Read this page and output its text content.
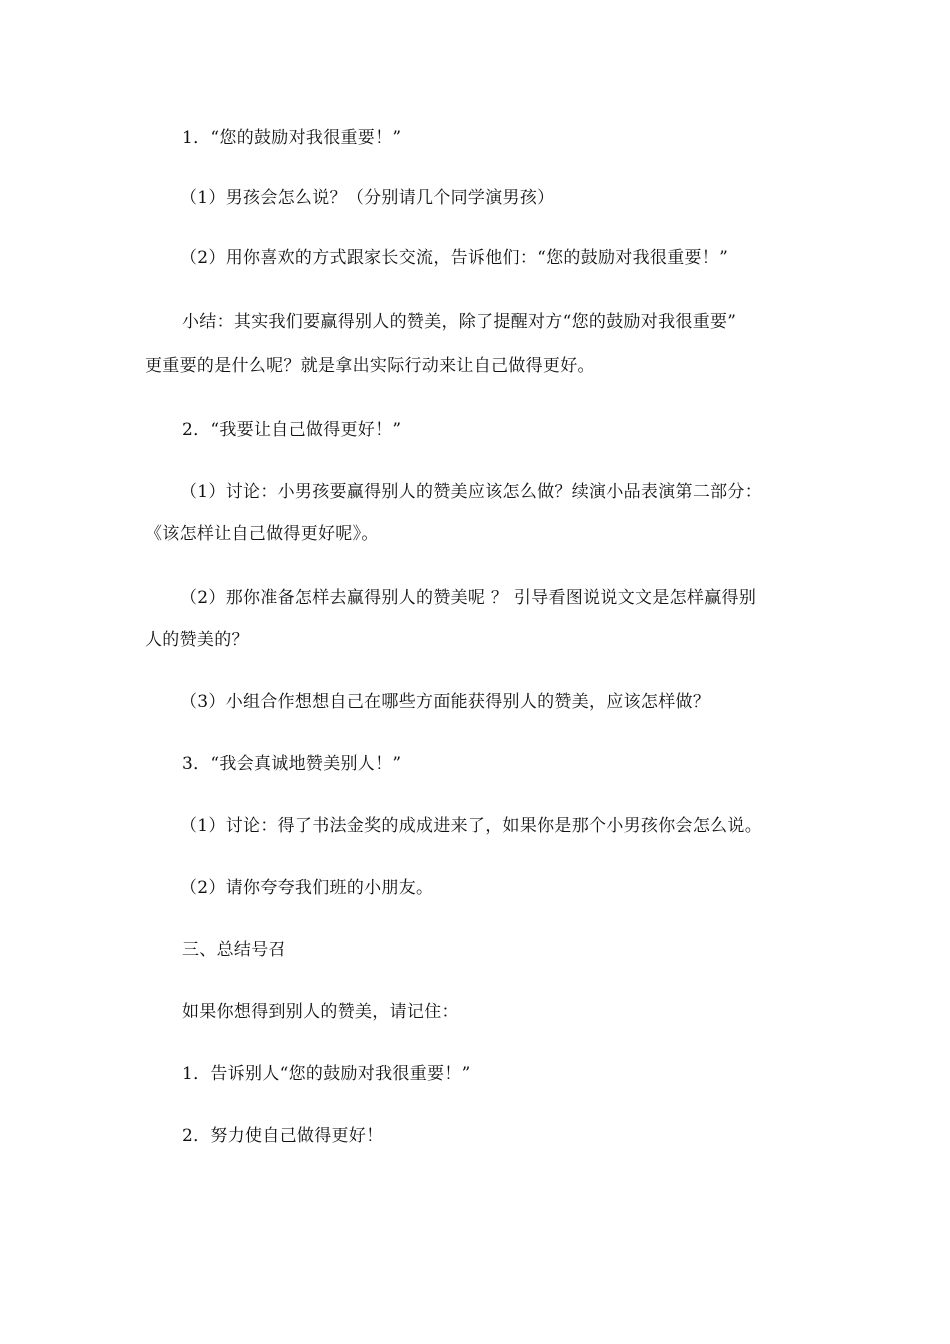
1．“您的鼓励对我很重要！”
（1）男孩会怎么说？（分别请几个同学演男孩）
（2）用你喜欢的方式跟家长交流，告诉他们：“您的鼓励对我很重要！”
小结：其实我们要赢得别人的赞美，除了提醒对方“您的鼓励对我很重要”
更重要的是什么呢？就是拿出实际行动来让自己做得更好。
2．“我要让自己做得更好！”
（1）讨论：小男孩要赢得别人的赞美应该怎么做？续演小品表演第二部分：
《该怎样让自己做得更好呢》。
（2）那你准备怎样去赢得别人的赞美呢 ？ 引导看图说说文文是怎样赢得别
人的赞美的？
（3）小组合作想想自己在哪些方面能获得别人的赞美，应该怎样做？
3．“我会真诚地赞美别人！”
（1）讨论：得了书法金奖的成成进来了，如果你是那个小男孩你会怎么说。
（2）请你夸夸我们班的小朋友。
三、总结号召
如果你想得到别人的赞美，请记住：
1．告诉别人“您的鼓励对我很重要！”
2．努力使自己做得更好！
